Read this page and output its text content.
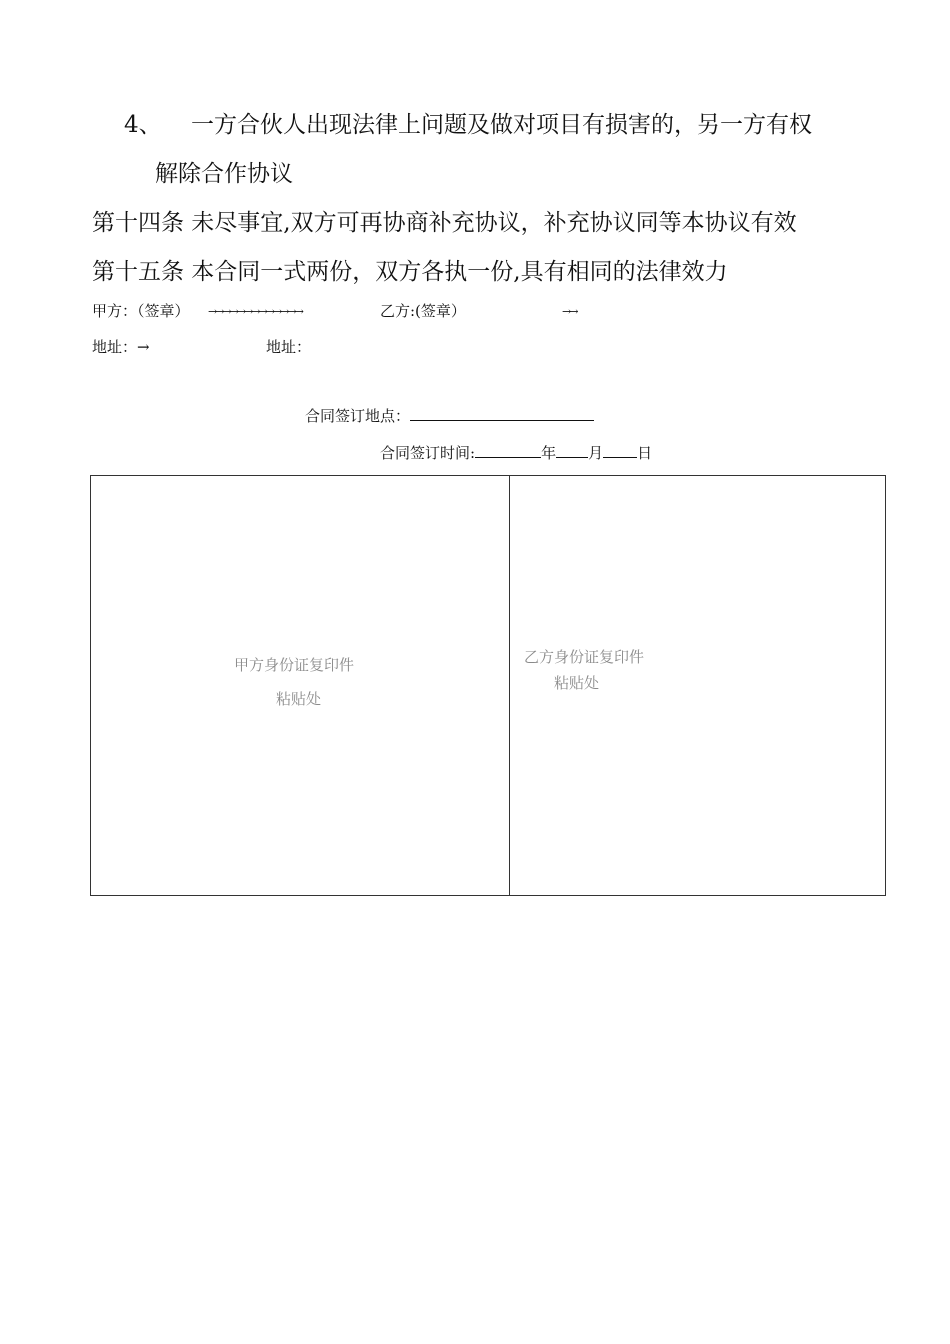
4、 一方合伙人出现法律上问题及做对项目有损害的，另一方有权
解除合作协议
第十四条 未尽事宜,双方可再协商补充协议，补充协议同等本协议有效
第十五条 本合同一式两份，双方各执一份,具有相同的法律效力
甲方：（签章） →→→→→→→→→→→→→	乙方:(签章）	→→
地址：→	地址：
合同签订地点：
合同签订时间:	年 月 日
甲方身份证复印件
粘贴处
乙方身份证复印件
粘贴处
